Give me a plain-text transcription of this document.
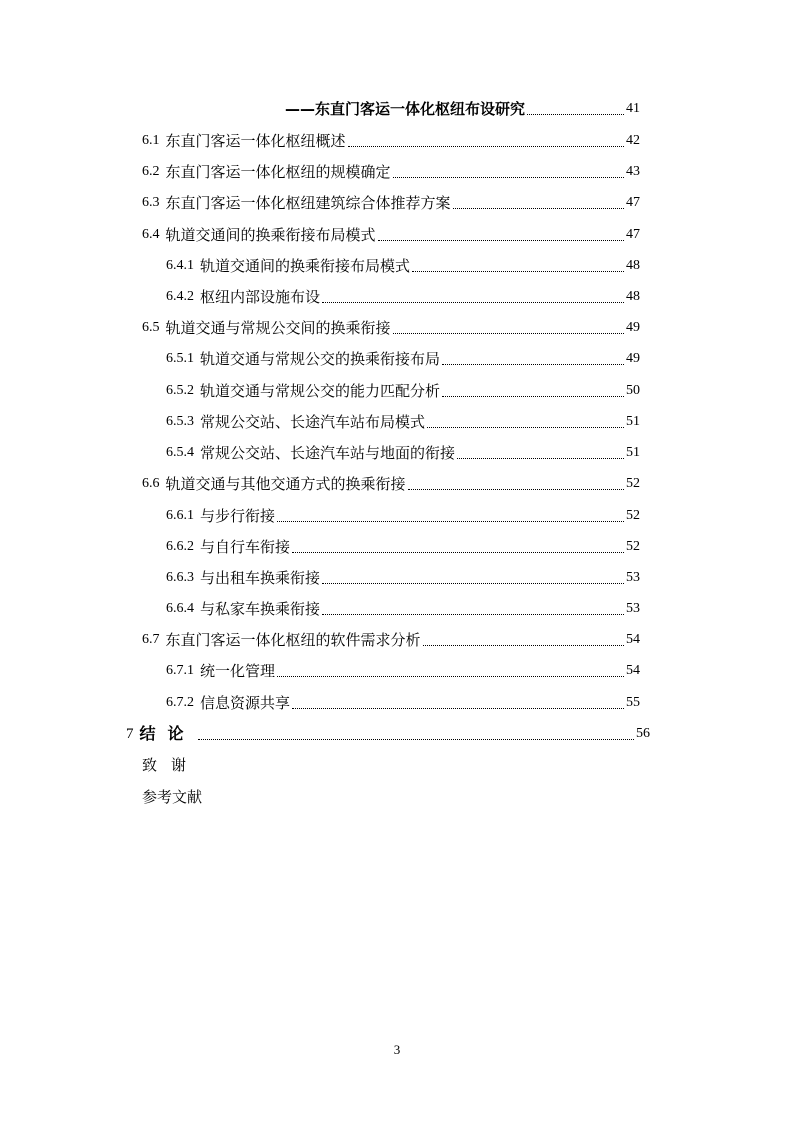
——东直门客运一体化枢纽布设研究	41
6.1 东直门客运一体化枢纽概述	42
6.2 东直门客运一体化枢纽的规模确定	43
6.3 东直门客运一体化枢纽建筑综合体推荐方案	47
6.4 轨道交通间的换乘衔接布局模式	47
6.4.1 轨道交通间的换乘衔接布局模式	48
6.4.2 枢纽内部设施布设	48
6.5 轨道交通与常规公交间的换乘衔接	49
6.5.1 轨道交通与常规公交的换乘衔接布局	49
6.5.2 轨道交通与常规公交的能力匹配分析	50
6.5.3 常规公交站、长途汽车站布局模式	51
6.5.4 常规公交站、长途汽车站与地面的衔接	51
6.6 轨道交通与其他交通方式的换乘衔接	52
6.6.1 与步行衔接	52
6.6.2 与自行车衔接	52
6.6.3 与出租车换乘衔接	53
6.6.4 与私家车换乘衔接	53
6.7 东直门客运一体化枢纽的软件需求分析	54
6.7.1 统一化管理	54
6.7.2 信息资源共享	55
7 结论	56
致谢
参考文献
3
